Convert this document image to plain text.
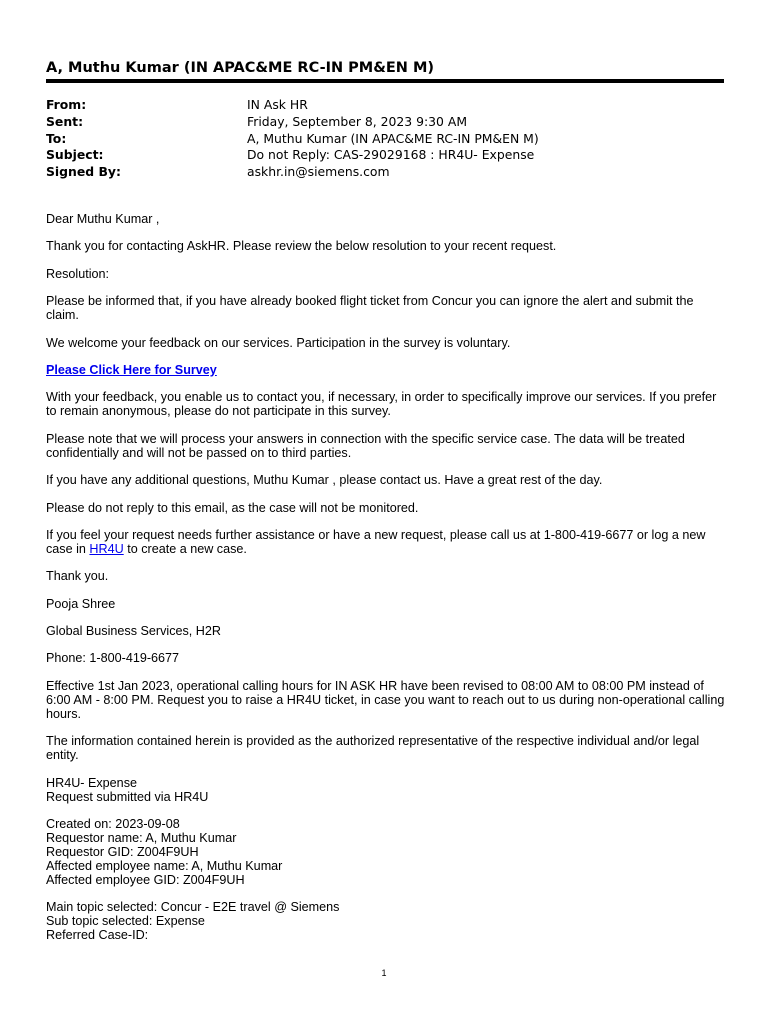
A, Muthu Kumar (IN APAC&ME RC-IN PM&EN M)
From:	IN Ask HR
Sent:	Friday, September 8, 2023 9:30 AM
To:	A, Muthu Kumar (IN APAC&ME RC-IN PM&EN M)
Subject:	Do not Reply: CAS-29029168 : HR4U- Expense
Signed By:	askhr.in@siemens.com

Dear Muthu Kumar ,

Thank you for contacting AskHR. Please review the below resolution to your recent request.

Resolution:

Please be informed that, if you have already booked flight ticket from Concur you can ignore the alert and submit the claim.

We welcome your feedback on our services. Participation in the survey is voluntary.

Please Click Here for Survey

With your feedback, you enable us to contact you, if necessary, in order to specifically improve our services. If you prefer to remain anonymous, please do not participate in this survey.

Please note that we will process your answers in connection with the specific service case. The data will be treated confidentially and will not be passed on to third parties.

If you have any additional questions, Muthu Kumar , please contact us. Have a great rest of the day.

Please do not reply to this email, as the case will not be monitored.

If you feel your request needs further assistance or have a new request, please call us at 1-800-419-6677 or log a new case in HR4U to create a new case.

Thank you.

Pooja Shree

Global Business Services, H2R

Phone: 1-800-419-6677

Effective 1st Jan 2023, operational calling hours for IN ASK HR have been revised to 08:00 AM to 08:00 PM instead of 6:00 AM - 8:00 PM. Request you to raise a HR4U ticket, in case you want to reach out to us during non-operational calling hours.

The information contained herein is provided as the authorized representative of the respective individual and/or legal entity.

HR4U- Expense
Request submitted via HR4U
Created on: 2023-09-08
Requestor name: A, Muthu Kumar
Requestor GID: Z004F9UH
Affected employee name: A, Muthu Kumar
Affected employee GID: Z004F9UH
Main topic selected: Concur - E2E travel @ Siemens
Sub topic selected: Expense
Referred Case-ID:
1
